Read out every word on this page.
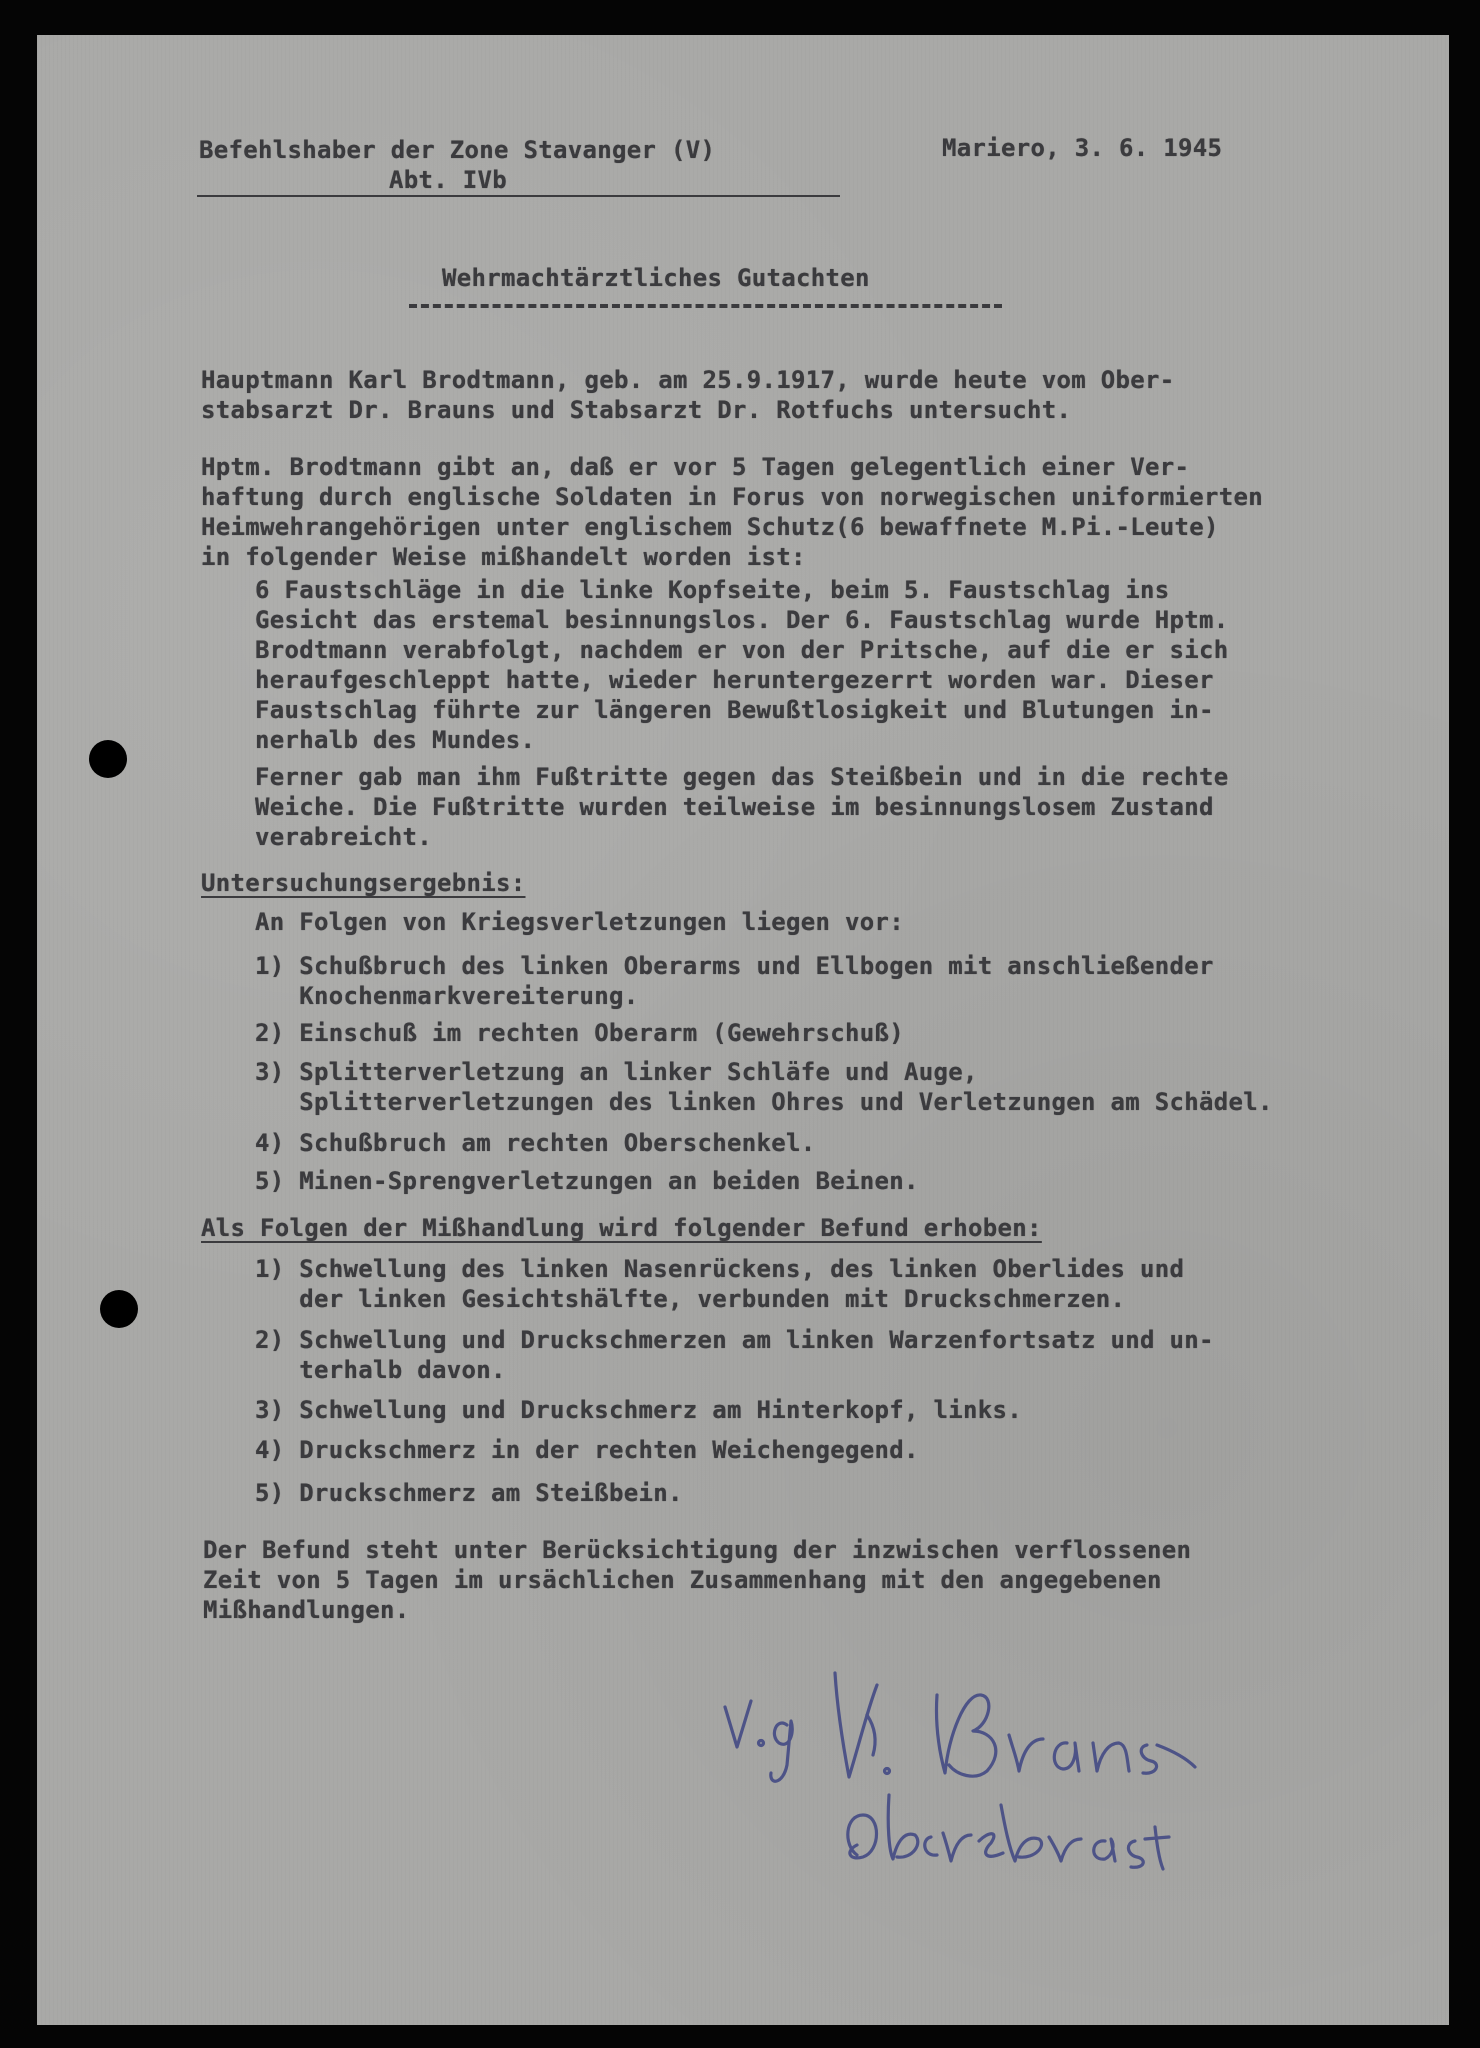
Befehlshaber der Zone Stavanger (V)

Abt. IVb

Mariero, 3. 6. 1945

Wehrmachtärztliches Gutachten

Hauptmann Karl Brodtmann, geb. am 25.9.1917, wurde heute vom Ober-

stabsarzt Dr. Brauns und Stabsarzt Dr. Rotfuchs untersucht.

Hptm. Brodtmann gibt an, daß er vor 5 Tagen gelegentlich einer Ver-

haftung durch englische Soldaten in Forus von norwegischen uniformierten

Heimwehrangehörigen unter englischem Schutz(6 bewaffnete M.Pi.-Leute)

in folgender Weise mißhandelt worden ist:

6 Faustschläge in die linke Kopfseite, beim 5. Faustschlag ins

Gesicht das erstemal besinnungslos. Der 6. Faustschlag wurde Hptm.

Brodtmann verabfolgt, nachdem er von der Pritsche, auf die er sich

heraufgeschleppt hatte, wieder heruntergezerrt worden war. Dieser

Faustschlag führte zur längeren Bewußtlosigkeit und Blutungen in-

nerhalb des Mundes.

Ferner gab man ihm Fußtritte gegen das Steißbein und in die rechte

Weiche. Die Fußtritte wurden teilweise im besinnungslosem Zustand

verabreicht.

Untersuchungsergebnis:

An Folgen von Kriegsverletzungen liegen vor:

1) Schußbruch des linken Oberarms und Ellbogen mit anschließender

Knochenmarkvereiterung.

2) Einschuß im rechten Oberarm (Gewehrschuß)

3) Splitterverletzung an linker Schläfe und Auge,

Splitterverletzungen des linken Ohres und Verletzungen am Schädel.

4) Schußbruch am rechten Oberschenkel.

5) Minen-Sprengverletzungen an beiden Beinen.

Als Folgen der Mißhandlung wird folgender Befund erhoben:

1) Schwellung des linken Nasenrückens, des linken Oberlides und

der linken Gesichtshälfte, verbunden mit Druckschmerzen.

2) Schwellung und Druckschmerzen am linken Warzenfortsatz und un-

terhalb davon.

3) Schwellung und Druckschmerz am Hinterkopf, links.

4) Druckschmerz in der rechten Weichengegend.

5) Druckschmerz am Steißbein.

Der Befund steht unter Berücksichtigung der inzwischen verflossenen

Zeit von 5 Tagen im ursächlichen Zusammenhang mit den angegebenen

Mißhandlungen.
